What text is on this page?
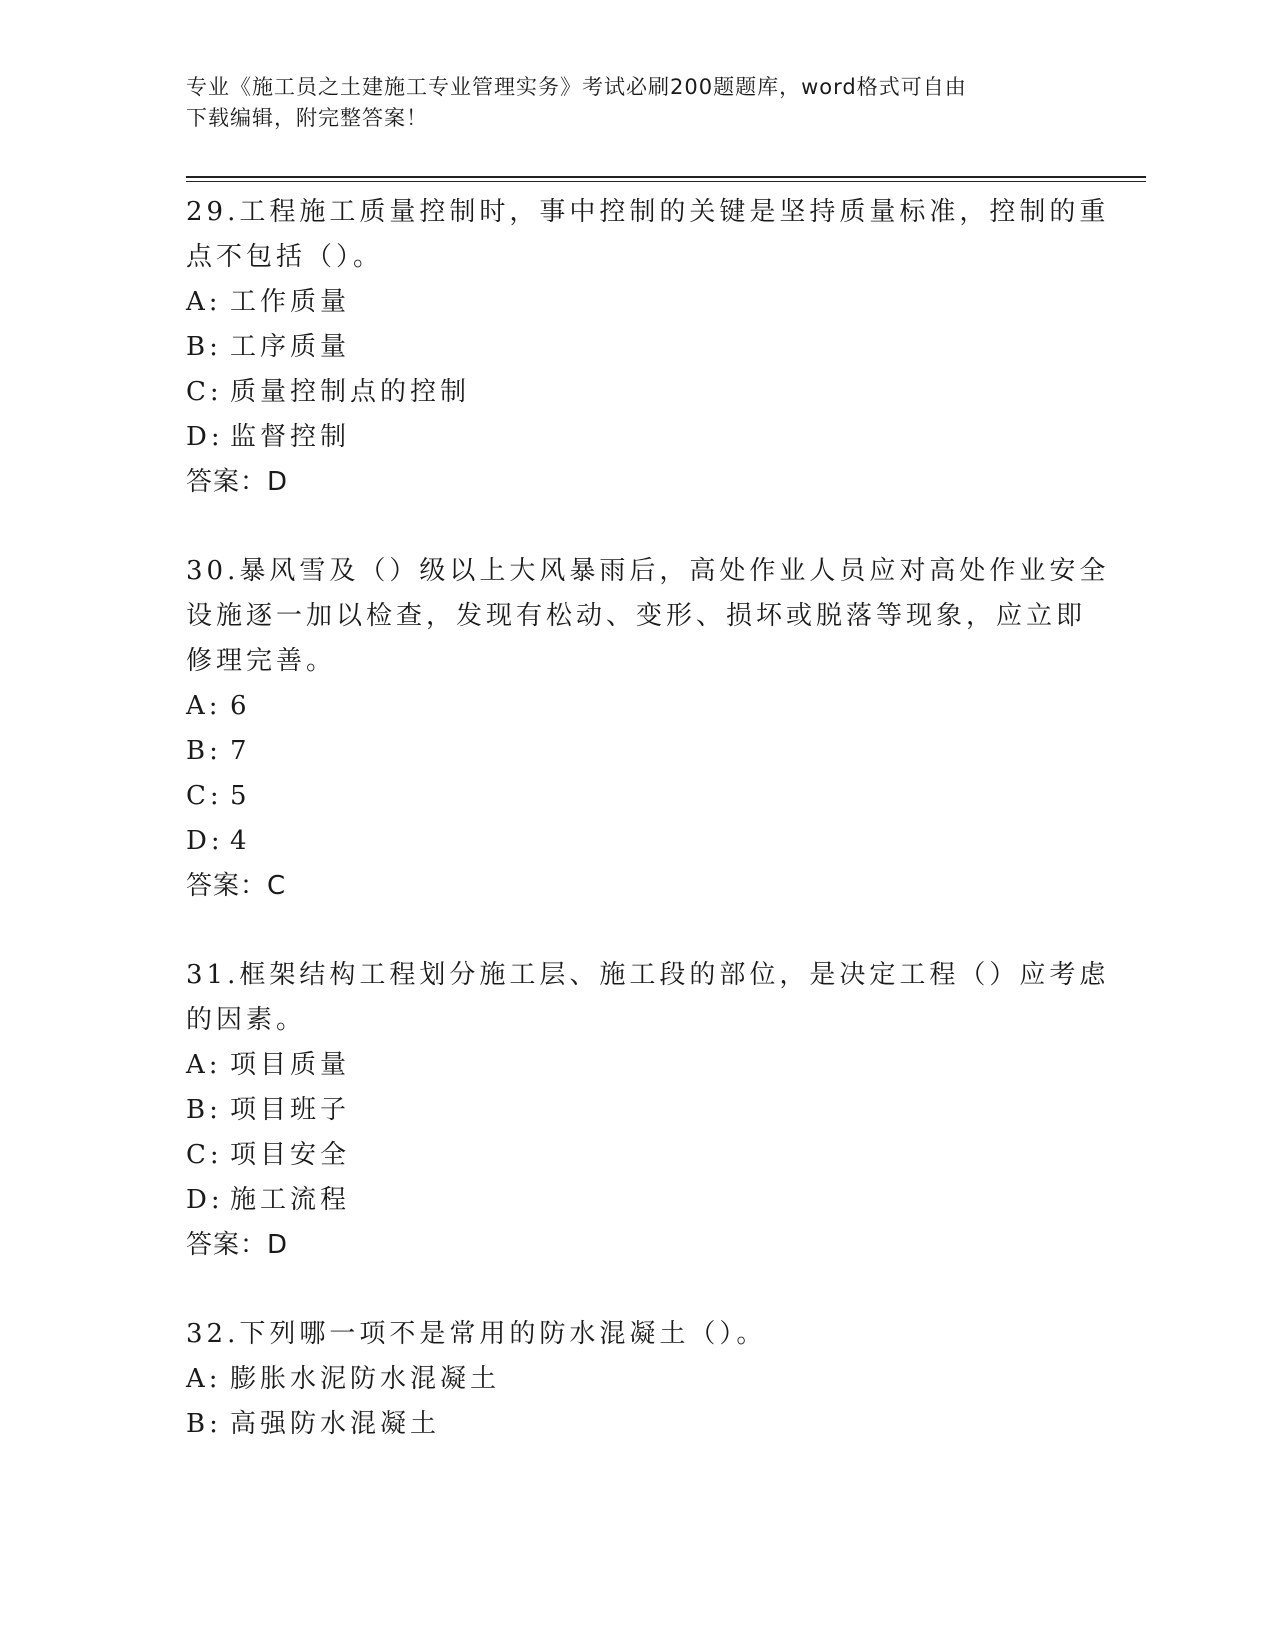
专业《施工员之土建施工专业管理实务》考试必刷200题题库，word格式可自由
下载编辑，附完整答案！
29.工程施工质量控制时，事中控制的关键是坚持质量标准，控制的重
点不包括（）。
A: 工作质量
B: 工序质量
C: 质量控制点的控制
D: 监督控制
答案：D
30.暴风雪及（）级以上大风暴雨后，高处作业人员应对高处作业安全
设施逐一加以检查，发现有松动、变形、损坏或脱落等现象，应立即
修理完善。
A: 6
B: 7
C: 5
D: 4
答案：C
31.框架结构工程划分施工层、施工段的部位，是决定工程（）应考虑
的因素。
A: 项目质量
B: 项目班子
C: 项目安全
D: 施工流程
答案：D
32.下列哪一项不是常用的防水混凝土（）。
A: 膨胀水泥防水混凝土
B: 高强防水混凝土
